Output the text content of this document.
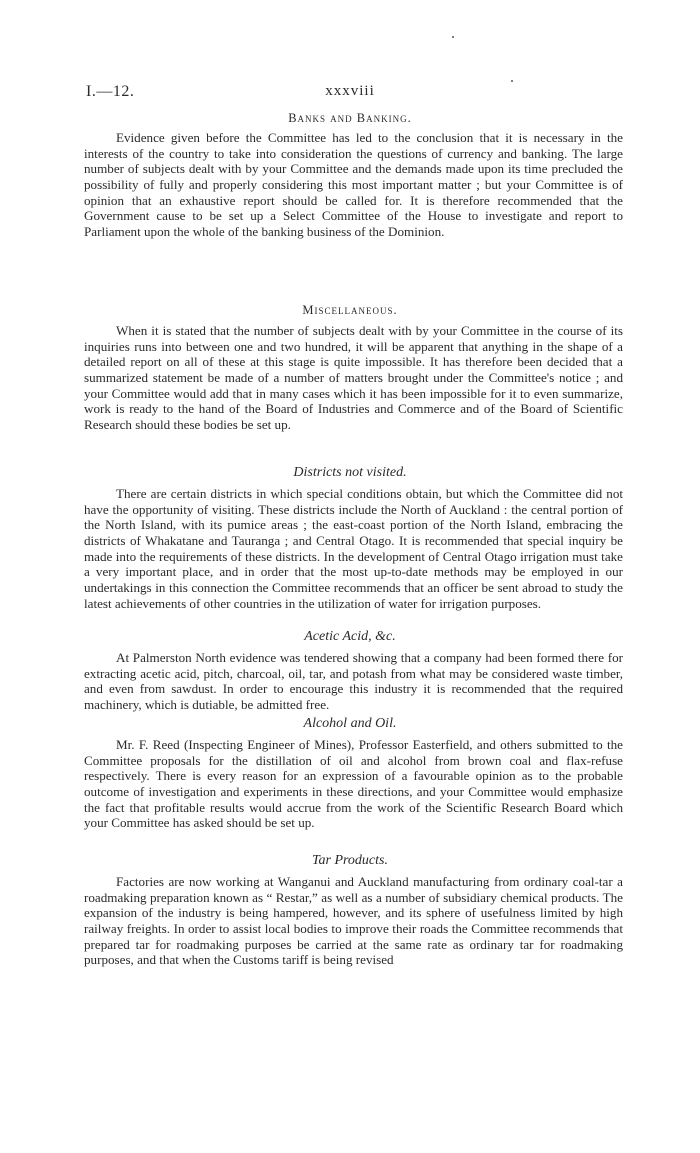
I.—12.	xxxviii
Banks and Banking.

Evidence given before the Committee has led to the conclusion that it is necessary in the interests of the country to take into consideration the questions of currency and banking. The large number of subjects dealt with by your Committee and the demands made upon its time precluded the possibility of fully and properly considering this most important matter ; but your Committee is of opinion that an exhaustive report should be called for. It is therefore recommended that the Government cause to be set up a Select Committee of the House to investigate and report to Parliament upon the whole of the banking business of the Dominion.

Miscellaneous.

When it is stated that the number of subjects dealt with by your Committee in the course of its inquiries runs into between one and two hundred, it will be apparent that anything in the shape of a detailed report on all of these at this stage is quite impossible. It has therefore been decided that a summarized statement be made of a number of matters brought under the Committee's notice ; and your Committee would add that in many cases which it has been impossible for it to even summarize, work is ready to the hand of the Board of Industries and Commerce and of the Board of Scientific Research should these bodies be set up.

Districts not visited.

There are certain districts in which special conditions obtain, but which the Committee did not have the opportunity of visiting. These districts include the North of Auckland : the central portion of the North Island, with its pumice areas ; the east-coast portion of the North Island, embracing the districts of Whakatane and Tauranga ; and Central Otago. It is recommended that special inquiry be made into the requirements of these districts. In the development of Central Otago irrigation must take a very important place, and in order that the most up-to-date methods may be employed in our undertakings in this connection the Committee recommends that an officer be sent abroad to study the latest achievements of other countries in the utilization of water for irrigation purposes.

Acetic Acid, &c.

At Palmerston North evidence was tendered showing that a company had been formed there for extracting acetic acid, pitch, charcoal, oil, tar, and potash from what may be considered waste timber, and even from sawdust. In order to encourage this industry it is recommended that the required machinery, which is dutiable, be admitted free.

Alcohol and Oil.

Mr. F. Reed (Inspecting Engineer of Mines), Professor Easterfield, and others submitted to the Committee proposals for the distillation of oil and alcohol from brown coal and flax-refuse respectively. There is every reason for an expression of a favourable opinion as to the probable outcome of investigation and experiments in these directions, and your Committee would emphasize the fact that profitable results would accrue from the work of the Scientific Research Board which your Committee has asked should be set up.

Tar Products.

Factories are now working at Wanganui and Auckland manufacturing from ordinary coal-tar a roadmaking preparation known as “ Restar,” as well as a number of subsidiary chemical products. The expansion of the industry is being hampered, however, and its sphere of usefulness limited by high railway freights. In order to assist local bodies to improve their roads the Committee recommends that prepared tar for roadmaking purposes be carried at the same rate as ordinary tar for roadmaking purposes, and that when the Customs tariff is being revised
